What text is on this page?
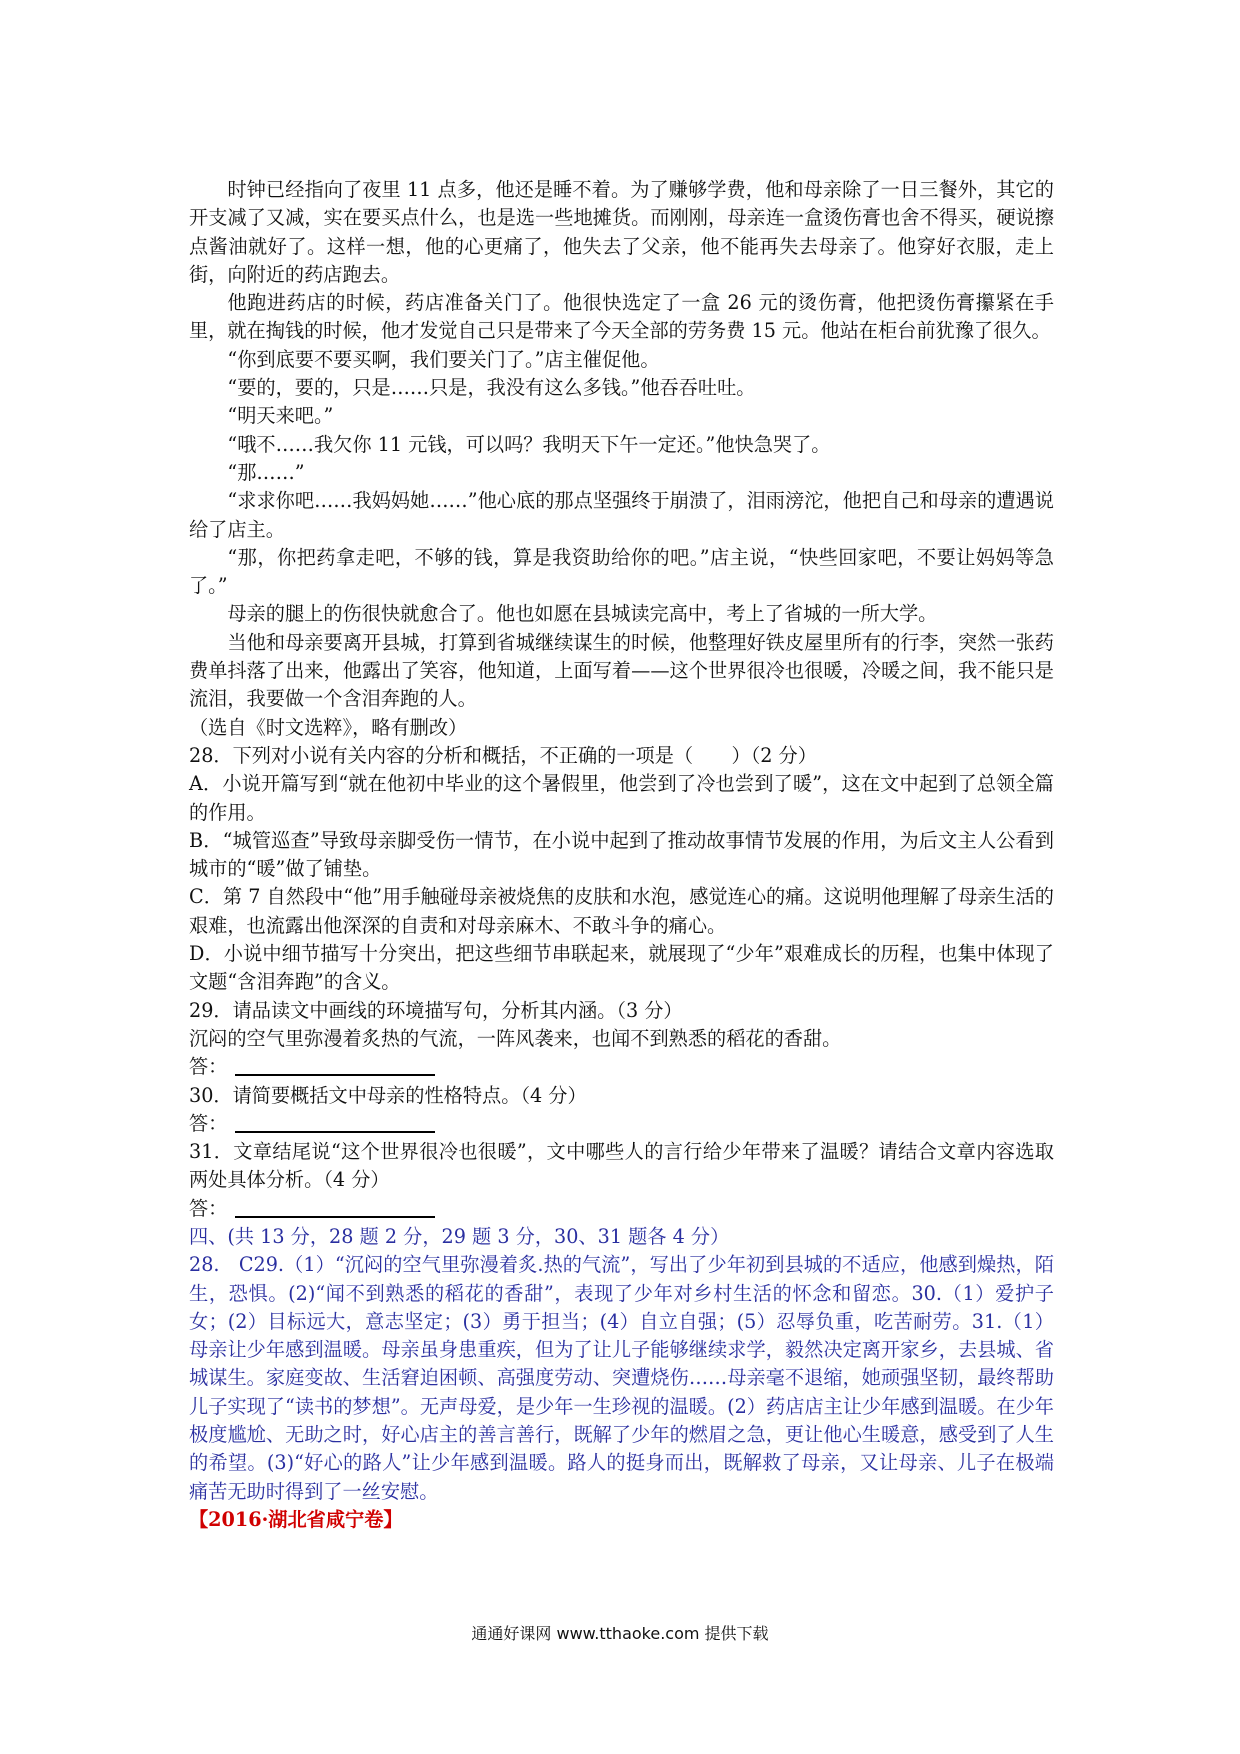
时钟已经指向了夜里 11 点多，他还是睡不着。为了赚够学费，他和母亲除了一日三餐外，其它的开支减了又减，实在要买点什么，也是选一些地摊货。而刚刚，母亲连一盒烫伤膏也舍不得买，硬说擦点酱油就好了。这样一想，他的心更痛了，他失去了父亲，他不能再失去母亲了。他穿好衣服，走上街，向附近的药店跑去。

他跑进药店的时候，药店准备关门了。他很快选定了一盒 26 元的烫伤膏，他把烫伤膏攥紧在手里，就在掏钱的时候，他才发觉自己只是带来了今天全部的劳务费 15 元。他站在柜台前犹豫了很久。

“你到底要不要买啊，我们要关门了。”店主催促他。

“要的，要的，只是……只是，我没有这么多钱。”他吞吞吐吐。

“明天来吧。”

“哦不……我欠你 11 元钱，可以吗？我明天下午一定还。”他快急哭了。

“那……”

“求求你吧……我妈妈她……”他心底的那点坚强终于崩溃了，泪雨滂沱，他把自己和母亲的遭遇说给了店主。

“那，你把药拿走吧，不够的钱，算是我资助给你的吧。”店主说，“快些回家吧，不要让妈妈等急了。”

母亲的腿上的伤很快就愈合了。他也如愿在县城读完高中，考上了省城的一所大学。

当他和母亲要离开县城，打算到省城继续谋生的时候，他整理好铁皮屋里所有的行李，突然一张药费单抖落了出来，他露出了笑容，他知道，上面写着——这个世界很冷也很暖，冷暖之间，我不能只是流泪，我要做一个含泪奔跑的人。

（选自《时文选粹》，略有删改）

28．下列对小说有关内容的分析和概括，不正确的一项是（　　）（2 分）

A．小说开篇写到“就在他初中毕业的这个暑假里，他尝到了冷也尝到了暖”，这在文中起到了总领全篇的作用。

B．“城管巡查”导致母亲脚受伤一情节，在小说中起到了推动故事情节发展的作用，为后文主人公看到城市的“暖”做了铺垫。

C．第 7 自然段中“他”用手触碰母亲被烧焦的皮肤和水泡，感觉连心的痛。这说明他理解了母亲生活的艰难，也流露出他深深的自责和对母亲麻木、不敢斗争的痛心。

D．小说中细节描写十分突出，把这些细节串联起来，就展现了“少年”艰难成长的历程，也集中体现了文题“含泪奔跑”的含义。

29．请品读文中画线的环境描写句，分析其内涵。（3 分）

沉闷的空气里弥漫着炙热的气流，一阵风袭来，也闻不到熟悉的稻花的香甜。

答：

30．请简要概括文中母亲的性格特点。（4 分）

答：

31．文章结尾说“这个世界很冷也很暖”，文中哪些人的言行给少年带来了温暖？请结合文章内容选取两处具体分析。（4 分）

答：

四、(共 13 分，28 题 2 分，29 题 3 分，30、31 题各 4 分）

28.　C29.（1）“沉闷的空气里弥漫着炙.热的气流”，写出了少年初到县城的不适应，他感到燥热，陌生，恐惧。(2)“闻不到熟悉的稻花的香甜”，表现了少年对乡村生活的怀念和留恋。30.（1）爱护子女；(2）目标远大，意志坚定；(3）勇于担当；(4）自立自强；(5）忍辱负重，吃苦耐劳。31.（1）母亲让少年感到温暖。母亲虽身患重疾，但为了让儿子能够继续求学，毅然决定离开家乡，去县城、省城谋生。家庭变故、生活窘迫困顿、高强度劳动、突遭烧伤……母亲毫不退缩，她顽强坚韧，最终帮助儿子实现了“读书的梦想”。无声母爱，是少年一生珍视的温暖。(2）药店店主让少年感到温暖。在少年极度尴尬、无助之时，好心店主的善言善行，既解了少年的燃眉之急，更让他心生暖意，感受到了人生的希望。(3)“好心的路人”让少年感到温暖。路人的挺身而出，既解救了母亲，又让母亲、儿子在极端痛苦无助时得到了一丝安慰。

【2016·湖北省咸宁卷】

通通好课网 www.tthaoke.com 提供下载
